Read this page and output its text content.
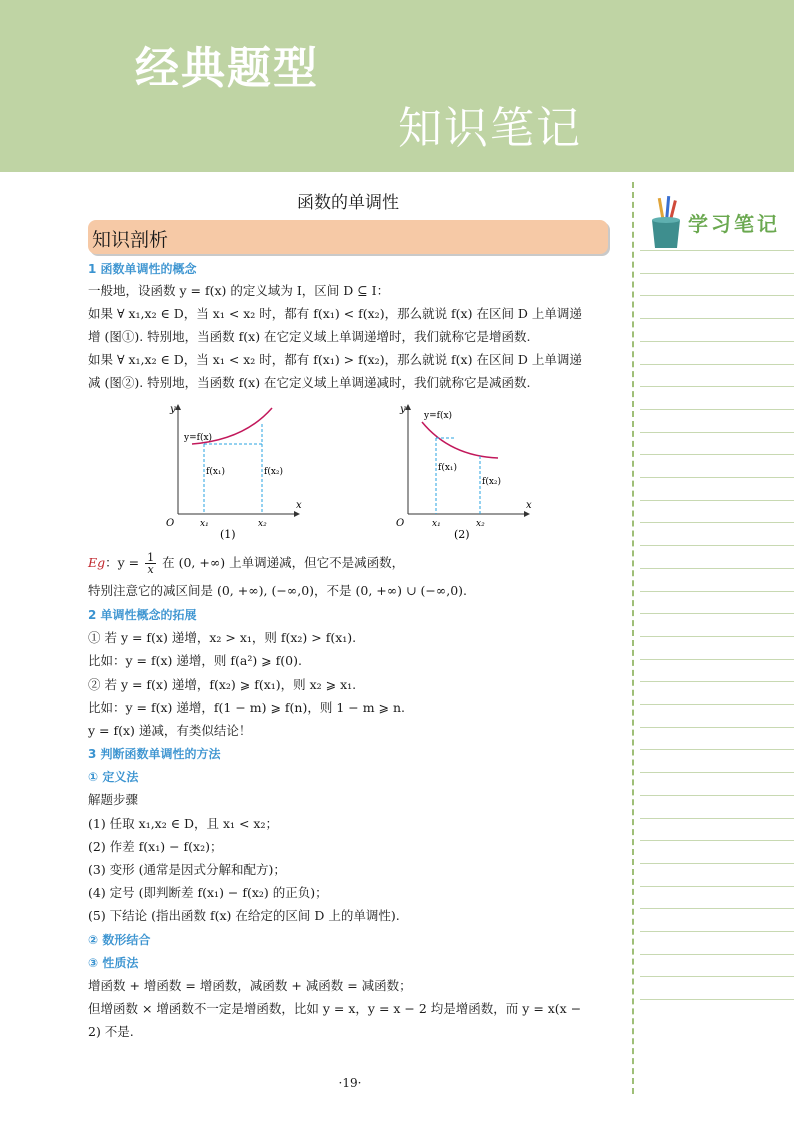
经典题型
知识笔记
函数的单调性
知识剖析
1 函数单调性的概念
一般地，设函数 y = f(x) 的定义域为 I，区间 D ⊆ I：
如果 ∀ x₁,x₂ ∈ D，当 x₁ < x₂ 时，都有 f(x₁) < f(x₂)，那么就说 f(x) 在区间 D 上单调递
增 (图①). 特别地，当函数 f(x) 在它定义域上单调递增时，我们就称它是增函数.
如果 ∀ x₁,x₂ ∈ D，当 x₁ < x₂ 时，都有 f(x₁) > f(x₂)，那么就说 f(x) 在区间 D 上单调递
减 (图②). 特别地，当函数 f(x) 在它定义域上单调递减时，我们就称它是减函数.
y
x
O
y=f(x)
f(x₁)	f(x₂)
x₁	x₂
(1)
y
x
O
y=f(x)
f(x₁)
f(x₂)
x₁	x₂
(2)
Eg：$y = \frac{1}{x}$ 在 (0, +∞) 上单调递减，但它不是减函数，
特别注意它的减区间是 (0, +∞), (−∞,0)，不是 (0, +∞) ∪ (−∞,0).
2 单调性概念的拓展
① 若 y = f(x) 递增，x₂ > x₁，则 f(x₂) > f(x₁).
比如：y = f(x) 递增，则 f(a²) ⩾ f(0).
② 若 y = f(x) 递增，f(x₂) ⩾ f(x₁)，则 x₂ ⩾ x₁.
比如：y = f(x) 递增，f(1 − m) ⩾ f(n)，则 1 − m ⩾ n.
y = f(x) 递减，有类似结论！
3 判断函数单调性的方法
① 定义法
解题步骤
(1) 任取 x₁,x₂ ∈ D，且 x₁ < x₂；
(2) 作差 f(x₁) − f(x₂)；
(3) 变形 (通常是因式分解和配方)；
(4) 定号 (即判断差 f(x₁) − f(x₂) 的正负)；
(5) 下结论 (指出函数 f(x) 在给定的区间 D 上的单调性).
② 数形结合
③ 性质法
增函数 + 增函数 = 增函数，减函数 + 减函数 = 减函数；
但增函数 × 增函数不一定是增函数，比如 y = x，y = x − 2 均是增函数，而 y = x(x −
2) 不是.
学习笔记
·19·
